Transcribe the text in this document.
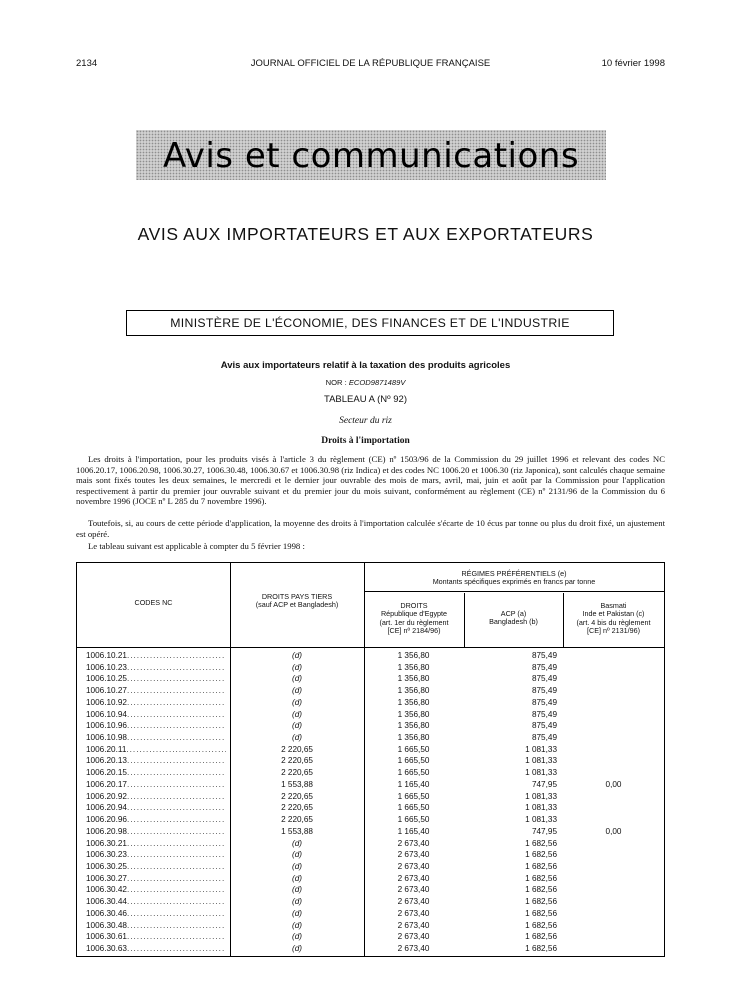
2134	JOURNAL OFFICIEL DE LA RÉPUBLIQUE FRANÇAISE	10 février 1998
Avis et communications
AVIS AUX IMPORTATEURS ET AUX EXPORTATEURS
MINISTÈRE DE L'ÉCONOMIE, DES FINANCES ET DE L'INDUSTRIE
Avis aux importateurs relatif à la taxation des produits agricoles
NOR : ECOD9871489V
TABLEAU A (Nº 92)
Secteur du riz
Droits à l'importation

Les droits à l'importation, pour les produits visés à l'article 3 du règlement (CE) nº 1503/96 de la Commission du 29 juillet 1996 et relevant des codes NC 1006.20.17, 1006.20.98, 1006.30.27, 1006.30.48, 1006.30.67 et 1006.30.98 (riz Indica) et des codes NC 1006.20 et 1006.30 (riz Japonica), sont calculés chaque semaine mais sont fixés toutes les deux semaines, le mercredi et le dernier jour ouvrable des mois de mars, avril, mai, juin et août par la Commission pour l'application respectivement à partir du premier jour ouvrable suivant et du premier jour du mois suivant, conformément au règlement (CE) nº 2131/96 de la Commission du 6 novembre 1996 (JOCE nº L 285 du 7 novembre 1996).

Toutefois, si, au cours de cette période d'application, la moyenne des droits à l'importation calculée s'écarte de 10 écus par tonne ou plus du droit fixé, un ajustement est opéré.

Le tableau suivant est applicable à compter du 5 février 1998 :

CODES NC
DROITS PAYS TIERS
(sauf ACP et Bangladesh)
RÉGIMES PRÉFÉRENTIELS (e)
Montants spécifiques exprimés en francs par tonne
DROITS
République d'Egypte
(art. 1er du règlement
[CE] nº 2184/96)
ACP (a)
Bangladesh (b)
Basmati
Inde et Pakistan (c)
(art. 4 bis du règlement
[CE] nº 2131/96)
1006.10.21 .....	(d)	1 356,80	875,49
1006.10.23 .....	(d)	1 356,80	875,49
1006.10.25 .....	(d)	1 356,80	875,49
1006.10.27 .....	(d)	1 356,80	875,49
1006.10.92 .....	(d)	1 356,80	875,49
1006.10.94 .....	(d)	1 356,80	875,49
1006.10.96 .....	(d)	1 356,80	875,49
1006.10.98 .....	(d)	1 356,80	875,49
1006.20.11 .....	2 220,65	1 665,50	1 081,33
1006.20.13 .....	2 220,65	1 665,50	1 081,33
1006.20.15 .....	2 220,65	1 665,50	1 081,33
1006.20.17 .....	1 553,88	1 165,40	747,95	0,00
1006.20.92 .....	2 220,65	1 665,50	1 081,33
1006.20.94 .....	2 220,65	1 665,50	1 081,33
1006.20.96 .....	2 220,65	1 665,50	1 081,33
1006.20.98 .....	1 553,88	1 165,40	747,95	0,00
1006.30.21 .....	(d)	2 673,40	1 682,56
1006.30.23 .....	(d)	2 673,40	1 682,56
1006.30.25 .....	(d)	2 673,40	1 682,56
1006.30.27 .....	(d)	2 673,40	1 682,56
1006.30.42 .....	(d)	2 673,40	1 682,56
1006.30.44 .....	(d)	2 673,40	1 682,56
1006.30.46 .....	(d)	2 673,40	1 682,56
1006.30.48 .....	(d)	2 673,40	1 682,56
1006.30.61 .....	(d)	2 673,40	1 682,56
1006.30.63 .....	(d)	2 673,40	1 682,56
